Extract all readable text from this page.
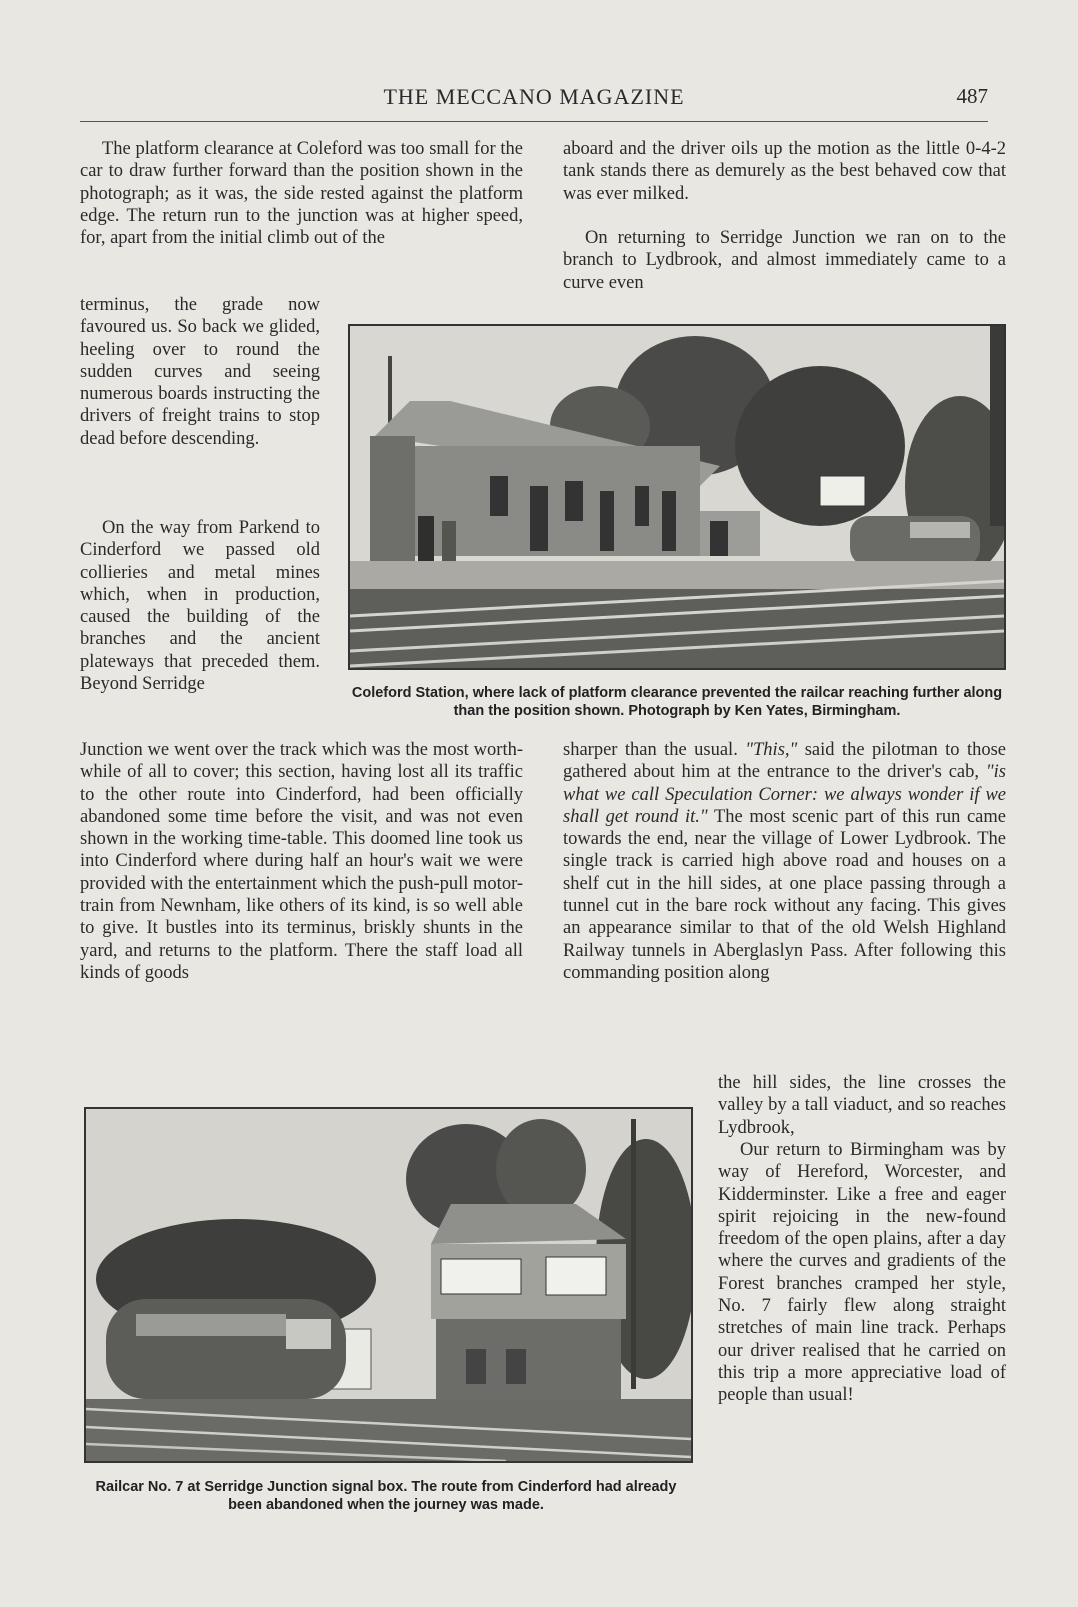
THE MECCANO MAGAZINE	487

The platform clearance at Coleford was too small for the car to draw further forward than the position shown in the photograph; as it was, the side rested against the platform edge. The return run to the junction was at higher speed, for, apart from the initial climb out of the

terminus, the grade now favoured us. So back we glided, heeling over to round the sudden curves and seeing numerous boards instructing the drivers of freight trains to stop dead before descending.

On the way from Parkend to Cinderford we passed old collieries and metal mines which, when in production, caused the building of the branches and the ancient plateways that preceded them. Beyond Serridge

Junction we went over the track which was the most worth-while of all to cover; this section, having lost all its traffic to the other route into Cinderford, had been officially abandoned some time before the visit, and was not even shown in the working time-table. This doomed line took us into Cinderford where during half an hour's wait we were provided with the entertainment which the push-pull motor-train from Newnham, like others of its kind, is so well able to give. It bustles into its terminus, briskly shunts in the yard, and returns to the platform. There the staff load all kinds of goods

aboard and the driver oils up the motion as the little 0-4-2 tank stands there as demurely as the best behaved cow that was ever milked.

On returning to Serridge Junction we ran on to the branch to Lydbrook, and almost immediately came to a curve even

sharper than the usual. "This," said the pilotman to those gathered about him at the entrance to the driver's cab, "is what we call Speculation Corner: we always wonder if we shall get round it." The most scenic part of this run came towards the end, near the village of Lower Lydbrook. The single track is carried high above road and houses on a shelf cut in the hill sides, at one place passing through a tunnel cut in the bare rock without any facing. This gives an appearance similar to that of the old Welsh Highland Railway tunnels in Aberglaslyn Pass. After following this commanding position along

the hill sides, the line crosses the valley by a tall viaduct, and so reaches Lydbrook,

Our return to Birmingham was by way of Hereford, Worcester, and Kidderminster. Like a free and eager spirit rejoicing in the new-found freedom of the open plains, after a day where the curves and gradients of the Forest branches cramped her style, No. 7 fairly flew along straight stretches of main line track. Perhaps our driver realised that he carried on this trip a more appreciative load of people than usual!

Coleford Station, where lack of platform clearance prevented the railcar reaching further along than the position shown. Photograph by Ken Yates, Birmingham.

Railcar No. 7 at Serridge Junction signal box. The route from Cinderford had already been abandoned when the journey was made.
